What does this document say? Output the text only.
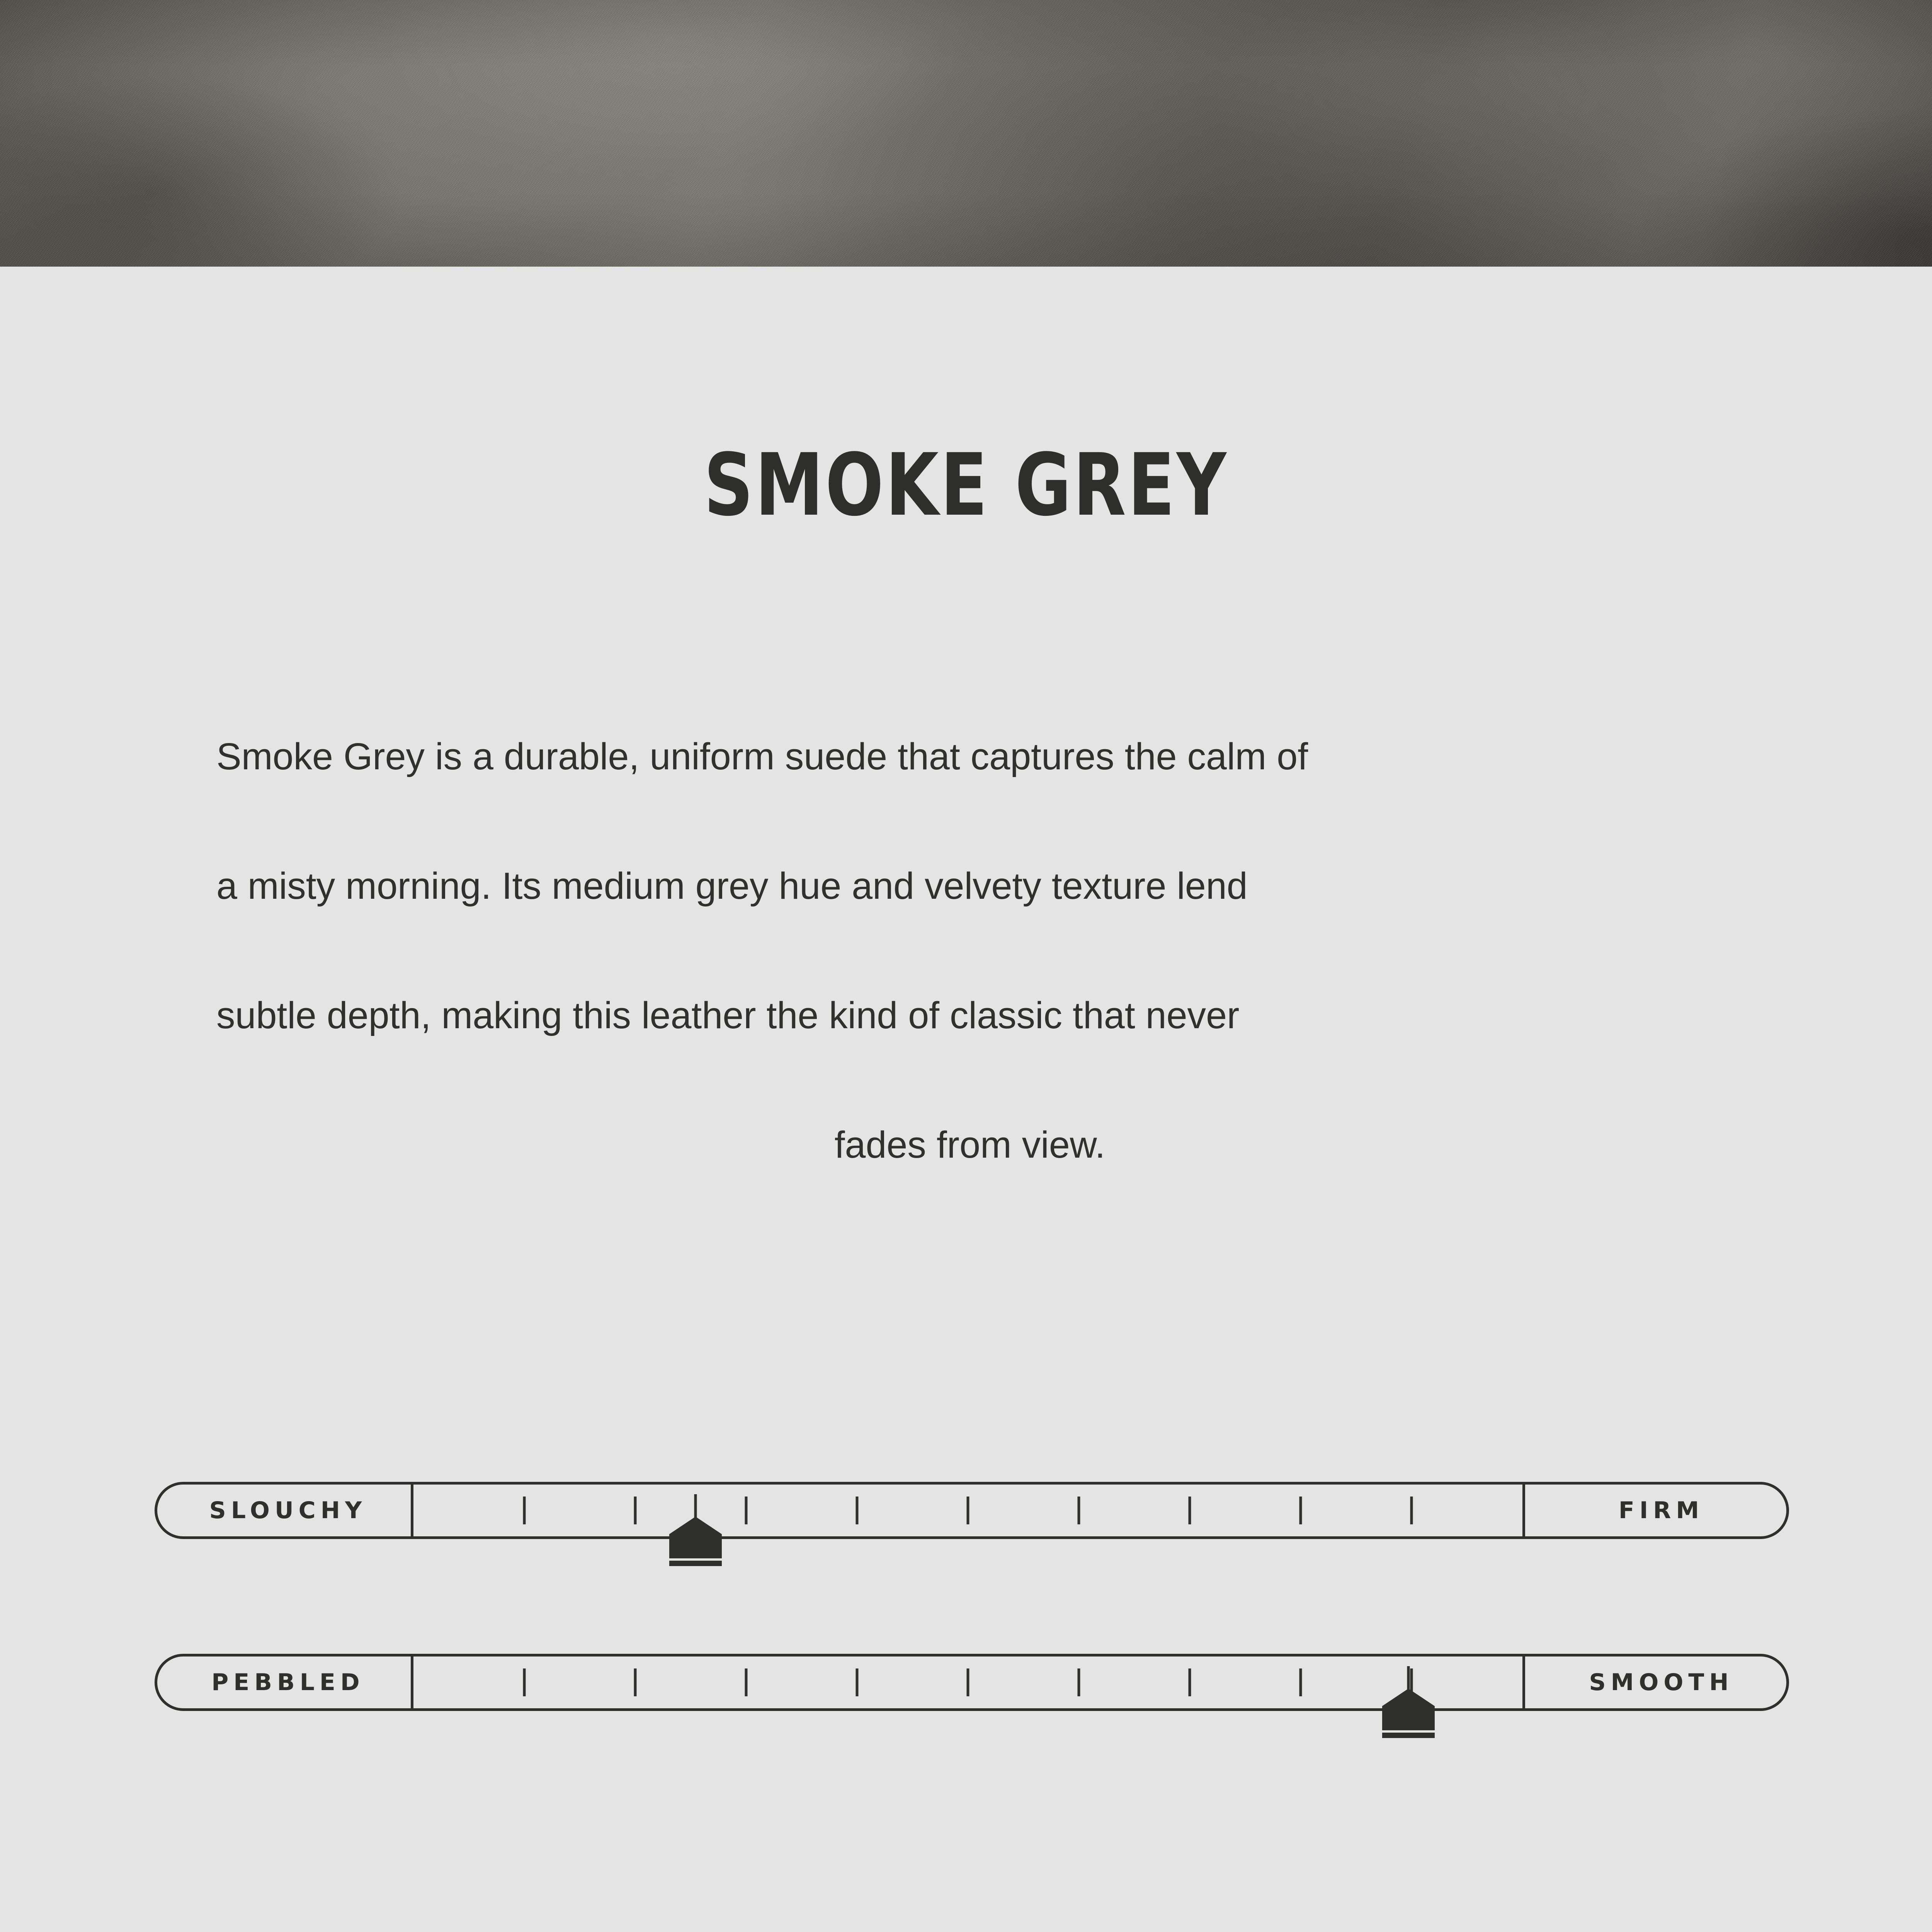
SMOKE GREY

Smoke Grey is a durable, uniform suede that captures the calm of

a misty morning. Its medium grey hue and velvety texture lend

subtle depth, making this leather the kind of classic that never

fades from view.

SLOUCHY	FIRM
PEBBLED	SMOOTH
